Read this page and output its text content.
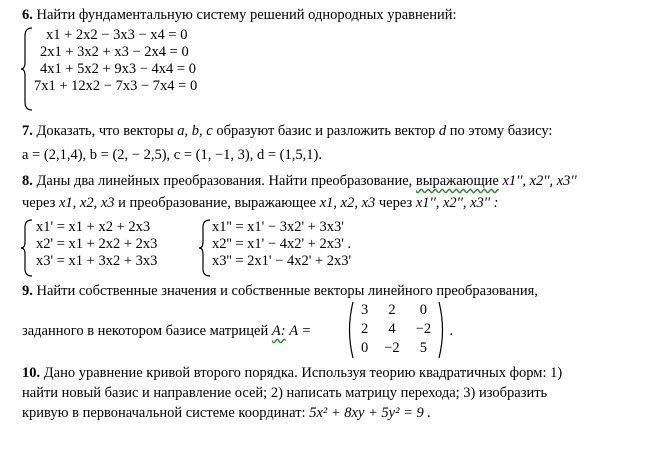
6. Найти фундаментальную систему решений однородных уравнений:
x1 + 2x2 − 3x3 − x4 = 0
2x1 + 3x2 + x3 − 2x4 = 0
4x1 + 5x2 + 9x3 − 4x4 = 0
7x1 + 12x2 − 7x3 − 7x4 = 0
7. Доказать, что векторы a, b, c образуют базис и разложить вектор d по этому базису:
a = (2,1,4), b = (2, − 2,5), c = (1, −1, 3), d = (1,5,1).
8. Даны два линейных преобразования. Найти преобразование, выражающие x1'', x2'', x3''
через x1, x2, x3 и преобразование, выражающее x1, x2, x3 через x1'', x2'', x3'' :
x1' = x1 + x2 + 2x3
x2' = x1 + 2x2 + 2x3
x3' = x1 + 3x2 + 3x3
x1'' = x1' − 3x2' + 3x3'
x2'' = x1' − 4x2' + 2x3' .
x3'' = 2x1' − 4x2' + 2x3'
9. Найти собственные значения и собственные векторы линейного преобразования,
заданного в некотором базисе матрицей A: A =
3	2	0
2	4	−2
0	−2	5
.
10. Дано уравнение кривой второго порядка. Используя теорию квадратичных форм: 1)
найти новый базис и направление осей; 2) написать матрицу перехода; 3) изобразить
кривую в первоначальной системе координат: 5x² + 8xy + 5y² = 9 .
